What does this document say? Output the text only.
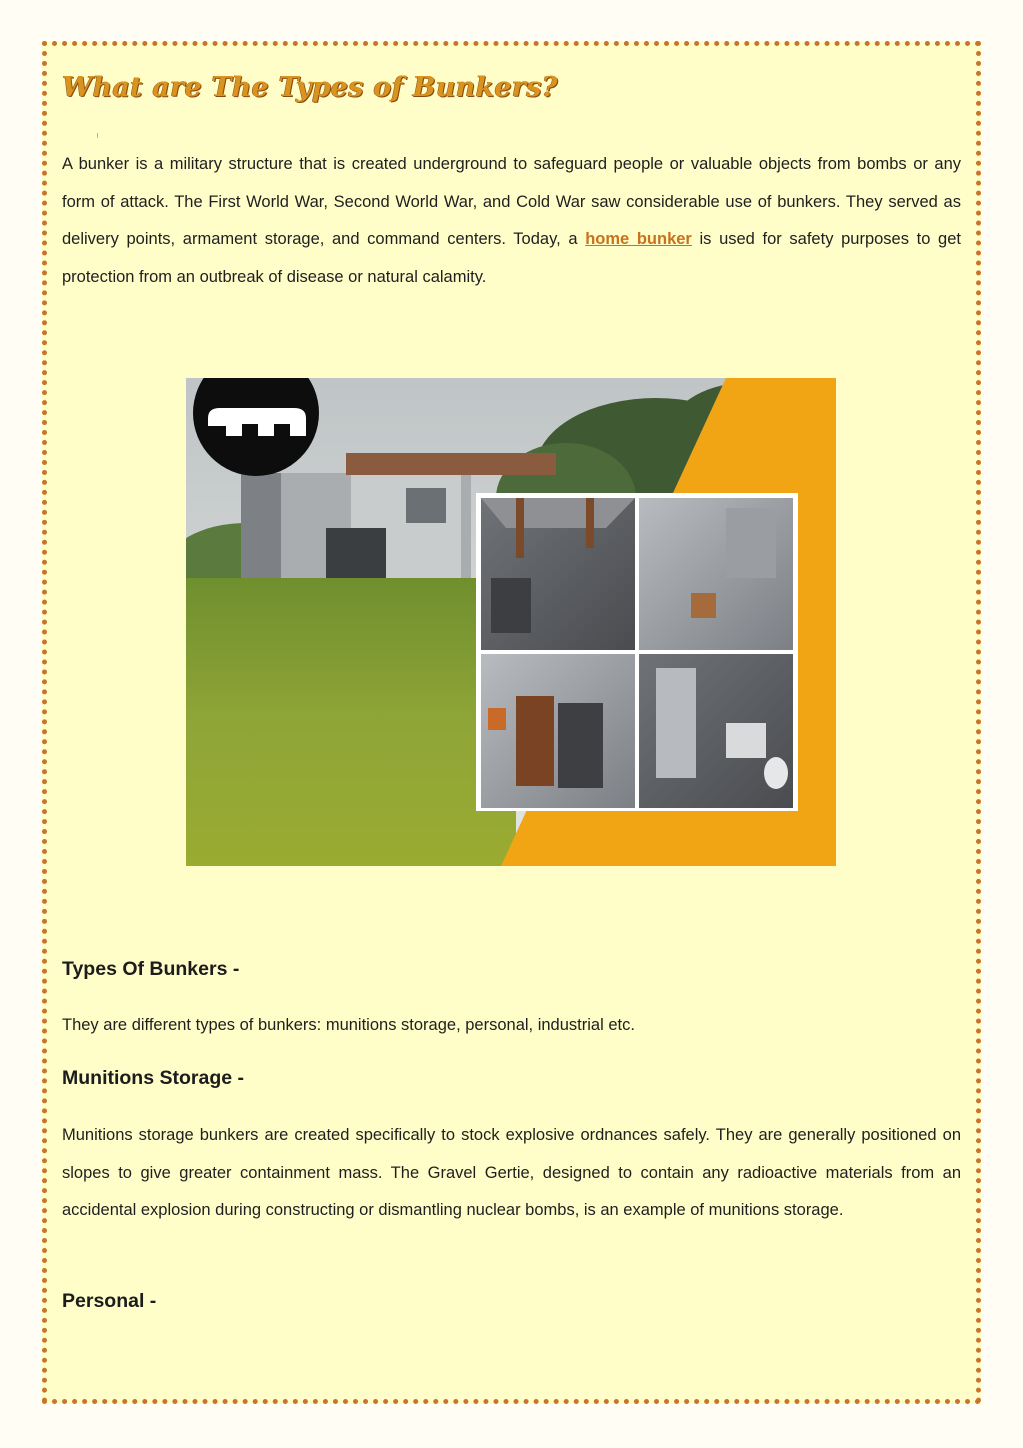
What are The Types of Bunkers?

A bunker is a military structure that is created underground to safeguard people or valuable objects from bombs or any form of attack. The First World War, Second World War, and Cold War saw considerable use of bunkers. They served as delivery points, armament storage, and command centers. Today, a home bunker is used for safety purposes to get protection from an outbreak of disease or natural calamity.

Types Of Bunkers -

They are different types of bunkers: munitions storage, personal, industrial etc.

Munitions Storage -

Munitions storage bunkers are created specifically to stock explosive ordnances safely. They are generally positioned on slopes to give greater containment mass. The Gravel Gertie, designed to contain any radioactive materials from an accidental explosion during constructing or dismantling nuclear bombs, is an example of munitions storage.

Personal -
